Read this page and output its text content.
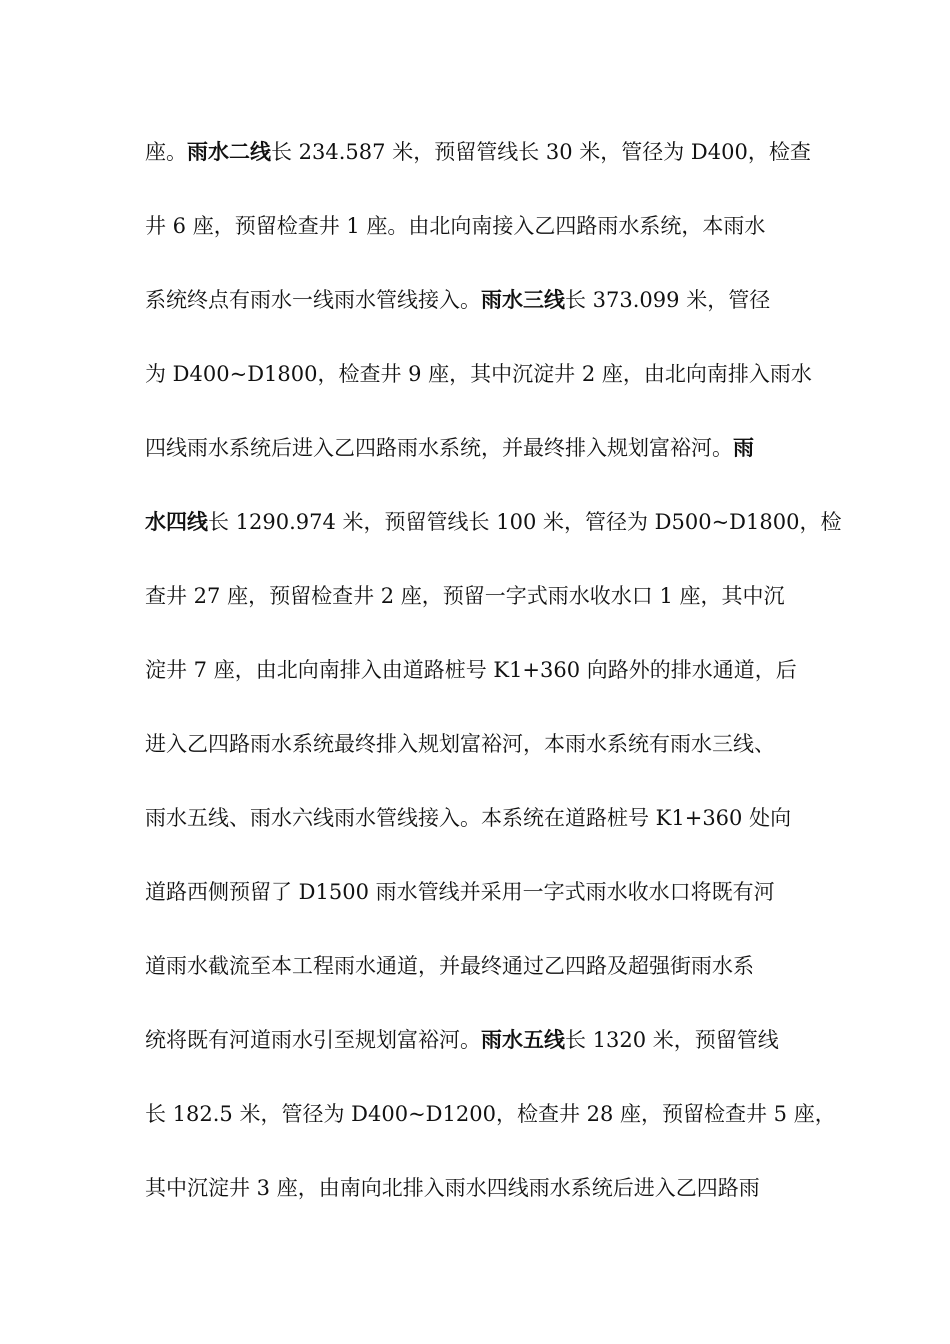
座。雨水二线长 234.587 米，预留管线长 30 米，管径为 D400，检查
井 6 座，预留检查井 1 座。由北向南接入乙四路雨水系统，本雨水
系统终点有雨水一线雨水管线接入。雨水三线长 373.099 米，管径
为 D400~D1800，检查井 9 座，其中沉淀井 2 座，由北向南排入雨水
四线雨水系统后进入乙四路雨水系统，并最终排入规划富裕河。雨
水四线长 1290.974 米，预留管线长 100 米，管径为 D500~D1800，检
查井 27 座，预留检查井 2 座，预留一字式雨水收水口 1 座，其中沉
淀井 7 座，由北向南排入由道路桩号 K1+360 向路外的排水通道，后
进入乙四路雨水系统最终排入规划富裕河，本雨水系统有雨水三线、
雨水五线、雨水六线雨水管线接入。本系统在道路桩号 K1+360 处向
道路西侧预留了 D1500 雨水管线并采用一字式雨水收水口将既有河
道雨水截流至本工程雨水通道，并最终通过乙四路及超强街雨水系
统将既有河道雨水引至规划富裕河。雨水五线长 1320 米，预留管线
长 182.5 米，管径为 D400~D1200，检查井 28 座，预留检查井 5 座，
其中沉淀井 3 座，由南向北排入雨水四线雨水系统后进入乙四路雨
